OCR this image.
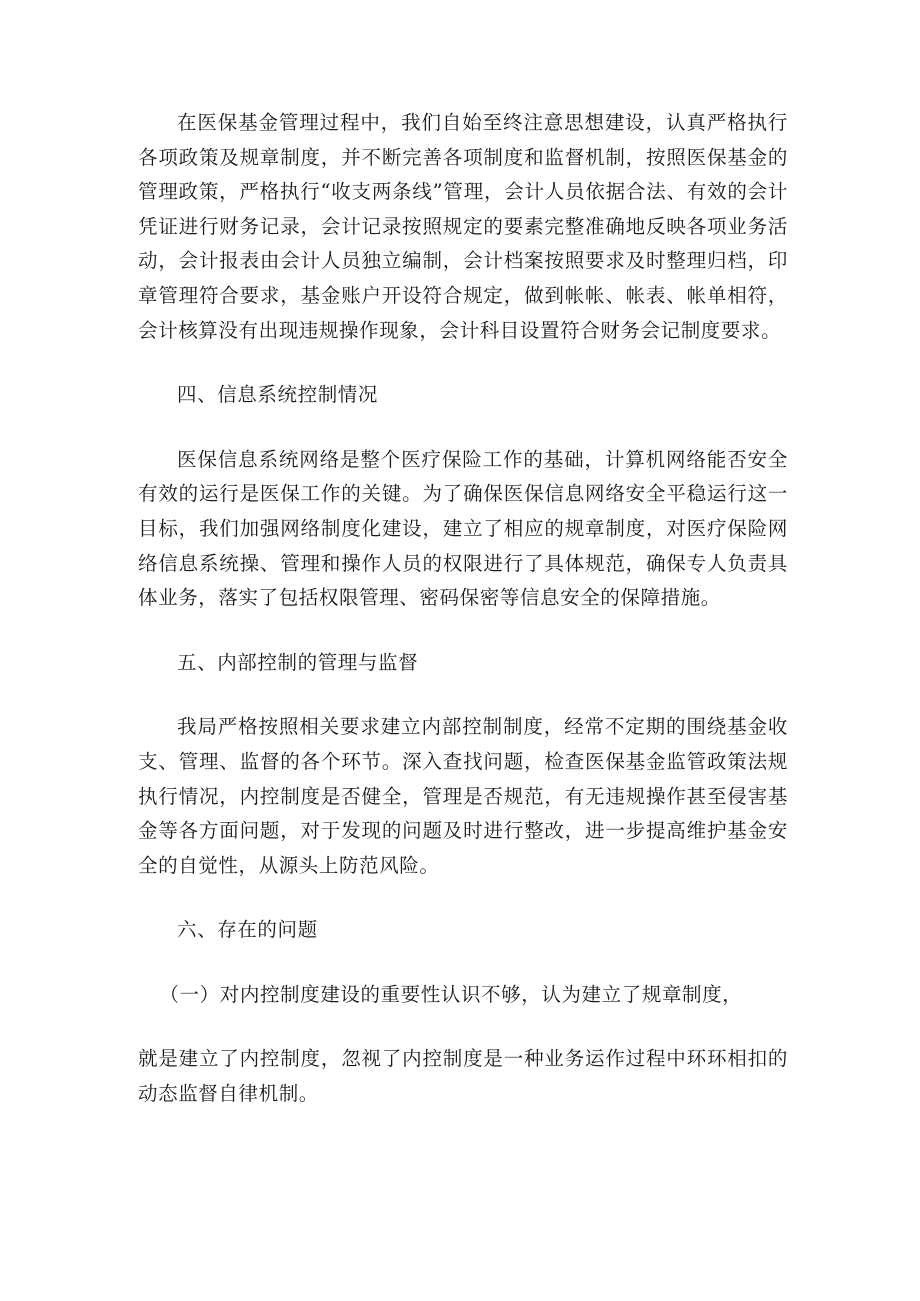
在医保基金管理过程中，我们自始至终注意思想建设，认真严格执行各项政策及规章制度，并不断完善各项制度和监督机制，按照医保基金的管理政策，严格执行“收支两条线”管理，会计人员依据合法、有效的会计凭证进行财务记录，会计记录按照规定的要素完整准确地反映各项业务活动，会计报表由会计人员独立编制，会计档案按照要求及时整理归档，印章管理符合要求，基金账户开设符合规定，做到帐帐、帐表、帐单相符，会计核算没有出现违规操作现象，会计科目设置符合财务会记制度要求。

四、信息系统控制情况

医保信息系统网络是整个医疗保险工作的基础，计算机网络能否安全有效的运行是医保工作的关键。为了确保医保信息网络安全平稳运行这一目标，我们加强网络制度化建设，建立了相应的规章制度，对医疗保险网络信息系统操、管理和操作人员的权限进行了具体规范，确保专人负责具体业务，落实了包括权限管理、密码保密等信息安全的保障措施。

五、内部控制的管理与监督

我局严格按照相关要求建立内部控制制度，经常不定期的围绕基金收支、管理、监督的各个环节。深入查找问题，检查医保基金监管政策法规执行情况，内控制度是否健全，管理是否规范，有无违规操作甚至侵害基金等各方面问题，对于发现的问题及时进行整改，进一步提高维护基金安全的自觉性，从源头上防范风险。

六、存在的问题

（一）对内控制度建设的重要性认识不够，认为建立了规章制度，

就是建立了内控制度，忽视了内控制度是一种业务运作过程中环环相扣的动态监督自律机制。
